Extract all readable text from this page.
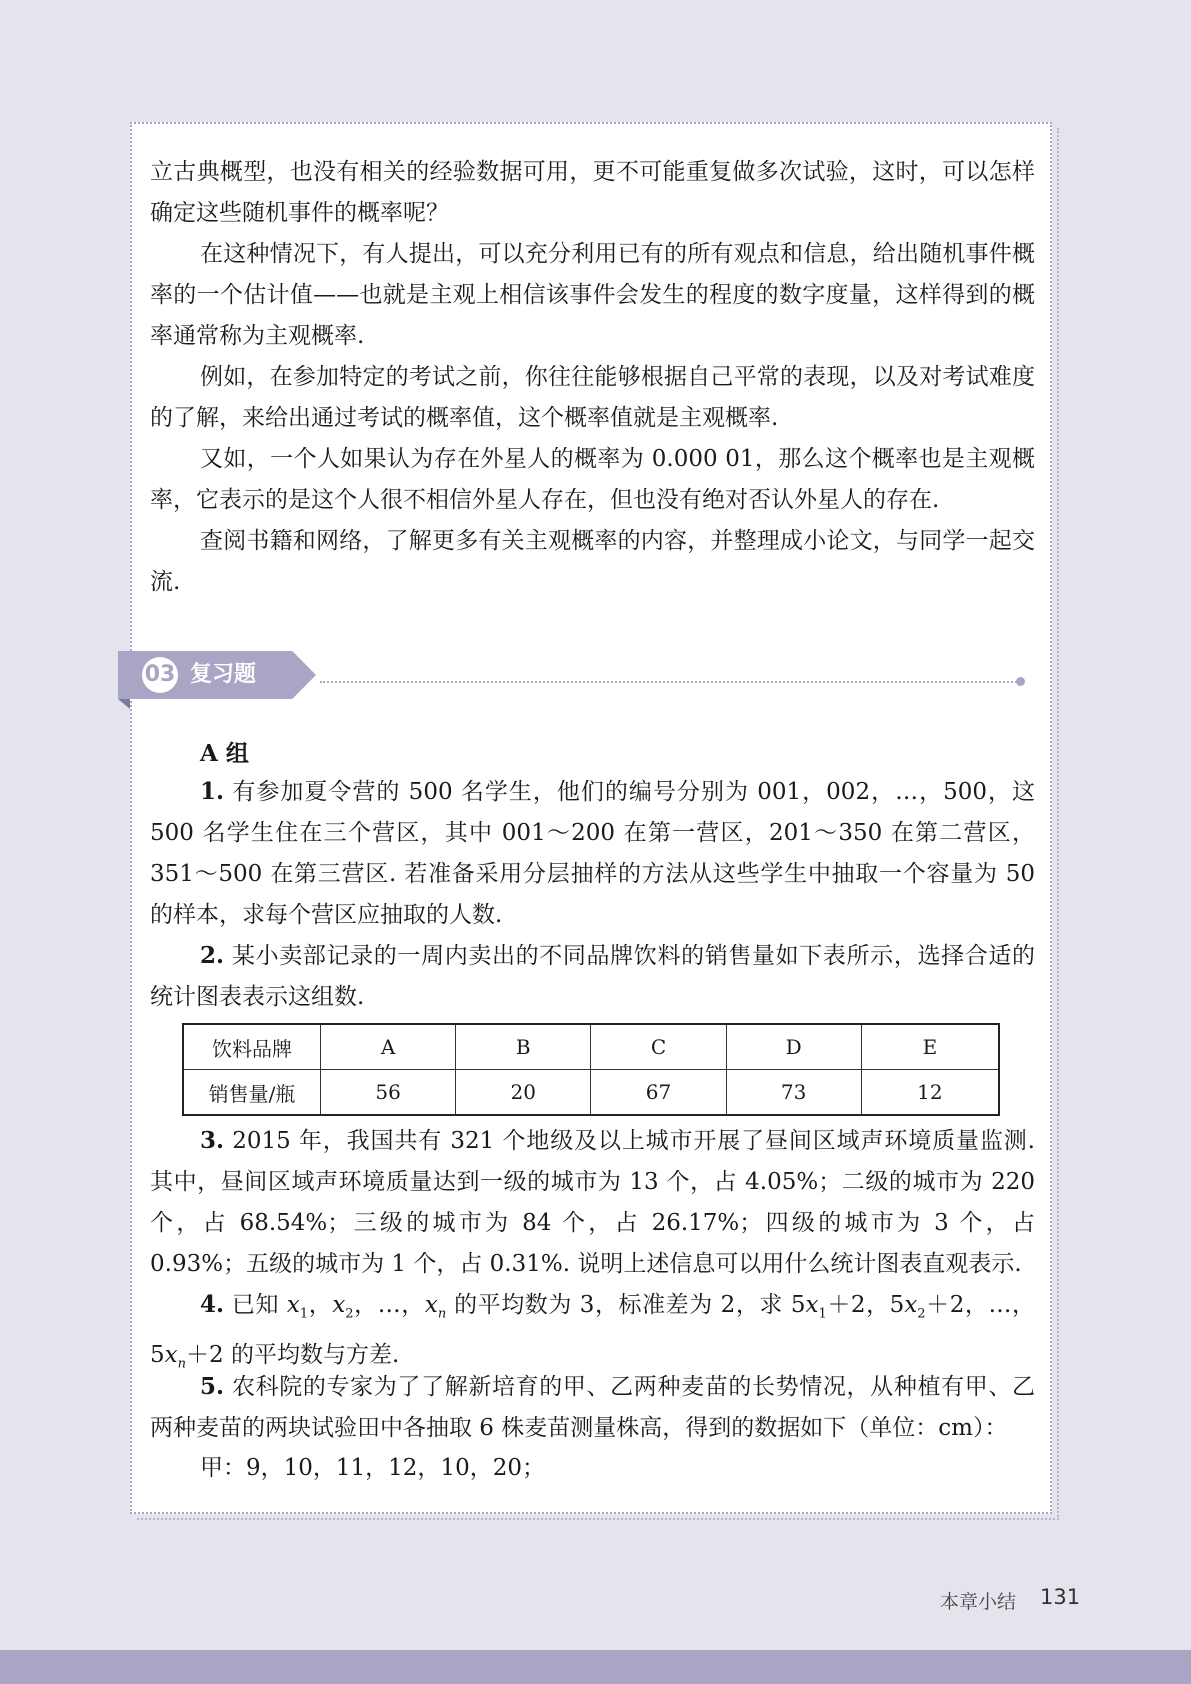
立古典概型，也没有相关的经验数据可用，更不可能重复做多次试验，这时，可以怎样确定这些随机事件的概率呢？

在这种情况下，有人提出，可以充分利用已有的所有观点和信息，给出随机事件概率的一个估计值——也就是主观上相信该事件会发生的程度的数字度量，这样得到的概率通常称为主观概率.

例如，在参加特定的考试之前，你往往能够根据自己平常的表现，以及对考试难度的了解，来给出通过考试的概率值，这个概率值就是主观概率.

又如，一个人如果认为存在外星人的概率为 0.000 01，那么这个概率也是主观概率，它表示的是这个人很不相信外星人存在，但也没有绝对否认外星人的存在.

查阅书籍和网络，了解更多有关主观概率的内容，并整理成小论文，与同学一起交流.

03 复习题
A 组

1. 有参加夏令营的 500 名学生，他们的编号分别为 001，002，…，500，这 500 名学生住在三个营区，其中 001～200 在第一营区，201～350 在第二营区，351～500 在第三营区. 若准备采用分层抽样的方法从这些学生中抽取一个容量为 50 的样本，求每个营区应抽取的人数.

2. 某小卖部记录的一周内卖出的不同品牌饮料的销售量如下表所示，选择合适的统计图表表示这组数.

饮料品牌	A	B	C	D	E
销售量/瓶	56	20	67	73	12

3. 2015 年，我国共有 321 个地级及以上城市开展了昼间区域声环境质量监测. 其中，昼间区域声环境质量达到一级的城市为 13 个，占 4.05%；二级的城市为 220 个，占 68.54%；三级的城市为 84 个，占 26.17%；四级的城市为 3 个，占 0.93%；五级的城市为 1 个，占 0.31%. 说明上述信息可以用什么统计图表直观表示.

4. 已知 $x_1$，$x_2$，…，$x_n$ 的平均数为 3，标准差为 2，求 $5x_1+2$，$5x_2+2$，…，$5x_n+2$ 的平均数与方差.

5. 农科院的专家为了了解新培育的甲、乙两种麦苗的长势情况，从种植有甲、乙两种麦苗的两块试验田中各抽取 6 株麦苗测量株高，得到的数据如下（单位：cm）：

甲：9，10，11，12，10，20；

本章小结 131
